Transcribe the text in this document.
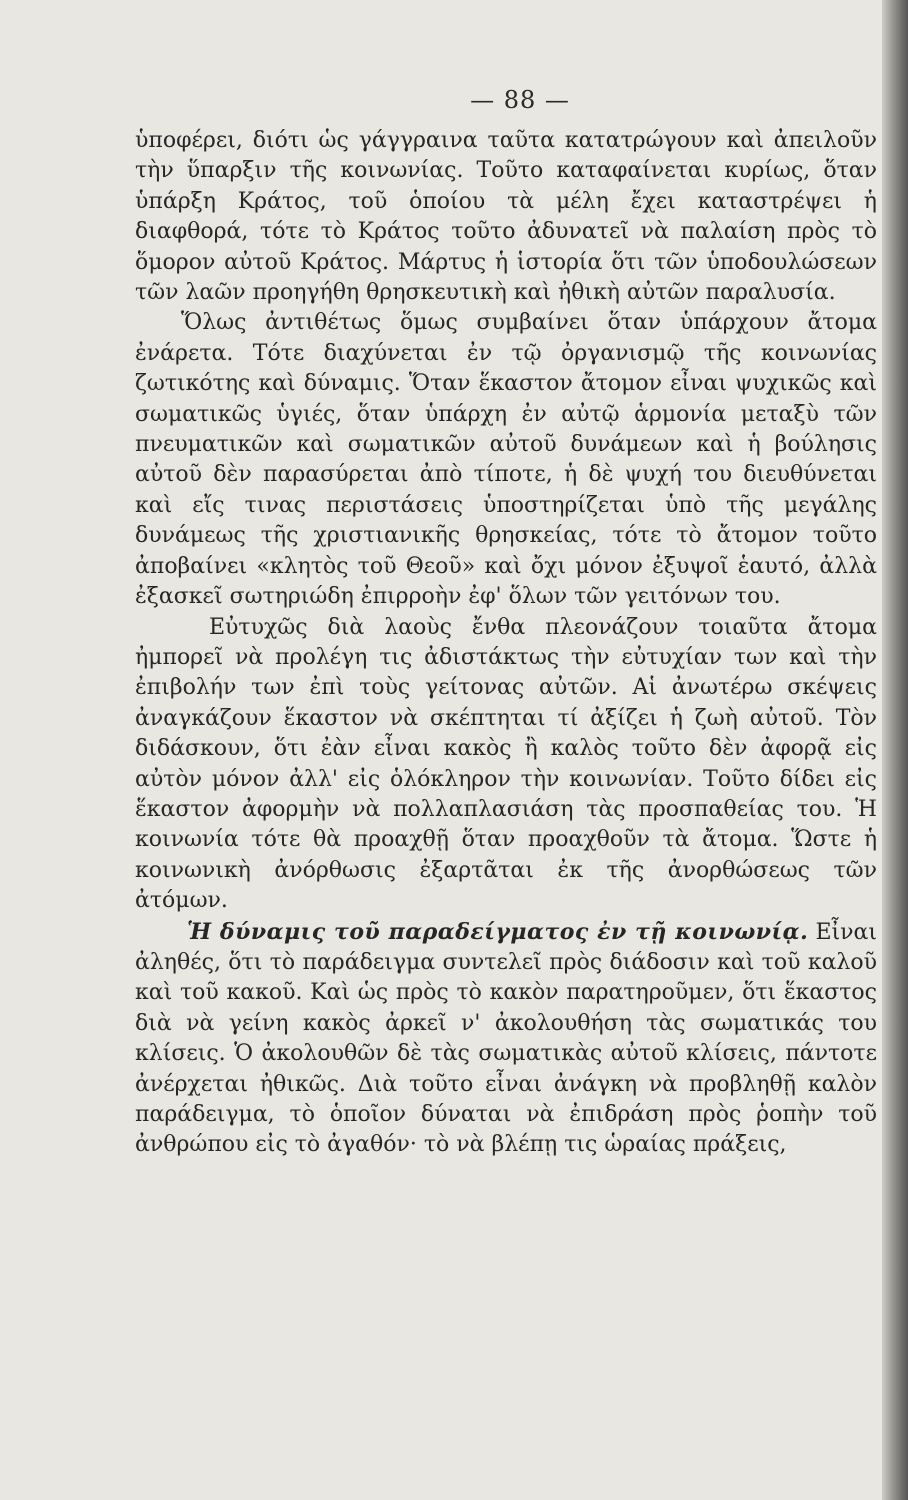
— 88 —

ὑποφέρει, διότι ὡς γάγγραινα ταῦτα κατατρώγουν καὶ ἀπειλοῦν τὴν ὕπαρξιν τῆς κοινωνίας. Τοῦτο καταφαίνεται κυρίως, ὅταν ὑπάρξη Κράτος, τοῦ ὁποίου τὰ μέλη ἔχει καταστρέψει ἡ διαφθορά, τότε τὸ Κράτος τοῦτο ἀδυνατεῖ νὰ παλαίση πρὸς τὸ ὅμορον αὐτοῦ Κράτος. Μάρτυς ἡ ἱστορία ὅτι τῶν ὑποδουλώσεων τῶν λαῶν προηγήθη θρησκευτικὴ καὶ ἠθικὴ αὐτῶν παραλυσία.

Ὅλως ἀντιθέτως ὅμως συμβαίνει ὅταν ὑπάρχουν ἄτομα ἐνάρετα. Τότε διαχύνεται ἐν τῷ ὀργανισμῷ τῆς κοινωνίας ζωτικότης καὶ δύναμις. Ὅταν ἕκαστον ἄτομον εἶναι ψυχικῶς καὶ σωματικῶς ὑγιές, ὅταν ὑπάρχη ἐν αὐτῷ ἁρμονία μεταξὺ τῶν πνευματικῶν καὶ σωματικῶν αὐτοῦ δυνάμεων καὶ ἡ βούλησις αὐτοῦ δὲν παρασύρεται ἀπὸ τίποτε, ἡ δὲ ψυχή του διευθύνεται καὶ εἴς τινας περιστάσεις ὑποστηρίζεται ὑπὸ τῆς μεγάλης δυνάμεως τῆς χριστιανικῆς θρησκείας, τότε τὸ ἄτομον τοῦτο ἀποβαίνει «κλητὸς τοῦ Θεοῦ» καὶ ὄχι μόνον ἐξυψοῖ ἑαυτό, ἀλλὰ ἐξασκεῖ σωτηριώδη ἐπιρροὴν ἐφ' ὅλων τῶν γειτόνων του.

Εὐτυχῶς διὰ λαοὺς ἔνθα πλεονάζουν τοιαῦτα ἄτομα ἠμπορεῖ νὰ προλέγη τις ἀδιστάκτως τὴν εὐτυχίαν των καὶ τὴν ἐπιβολήν των ἐπὶ τοὺς γείτονας αὐτῶν. Αἱ ἀνωτέρω σκέψεις ἀναγκάζουν ἕκαστον νὰ σκέπτηται τί ἀξίζει ἡ ζωὴ αὐτοῦ. Τὸν διδάσκουν, ὅτι ἐὰν εἶναι κακὸς ἢ καλὸς τοῦτο δὲν ἀφορᾷ εἰς αὐτὸν μόνον ἀλλ' εἰς ὁλόκληρον τὴν κοινωνίαν. Τοῦτο δίδει εἰς ἕκαστον ἀφορμὴν νὰ πολλαπλασιάση τὰς προσπαθείας του. Ἡ κοινωνία τότε θὰ προαχθῇ ὅταν προαχθοῦν τὰ ἄτομα. Ὥστε ἡ κοινωνικὴ ἀνόρθωσις ἐξαρτᾶται ἐκ τῆς ἀνορθώσεως τῶν ἀτόμων.

Ἡ δύναμις τοῦ παραδείγματος ἐν τῇ κοινωνίᾳ. Εἶναι ἀληθές, ὅτι τὸ παράδειγμα συντελεῖ πρὸς διάδοσιν καὶ τοῦ καλοῦ καὶ τοῦ κακοῦ. Καὶ ὡς πρὸς τὸ κακὸν παρατηροῦμεν, ὅτι ἕκαστος διὰ νὰ γείνη κακὸς ἀρκεῖ ν' ἀκολουθήση τὰς σωματικάς του κλίσεις. Ὁ ἀκολουθῶν δὲ τὰς σωματικὰς αὐτοῦ κλίσεις, πάντοτε ἀνέρχεται ἠθικῶς. Διὰ τοῦτο εἶναι ἀνάγκη νὰ προβληθῇ καλὸν παράδειγμα, τὸ ὁποῖον δύναται νὰ ἐπιδράση πρὸς ῥοπὴν τοῦ ἀνθρώπου εἰς τὸ ἀγαθόν· τὸ νὰ βλέπῃ τις ὡραίας πράξεις,
